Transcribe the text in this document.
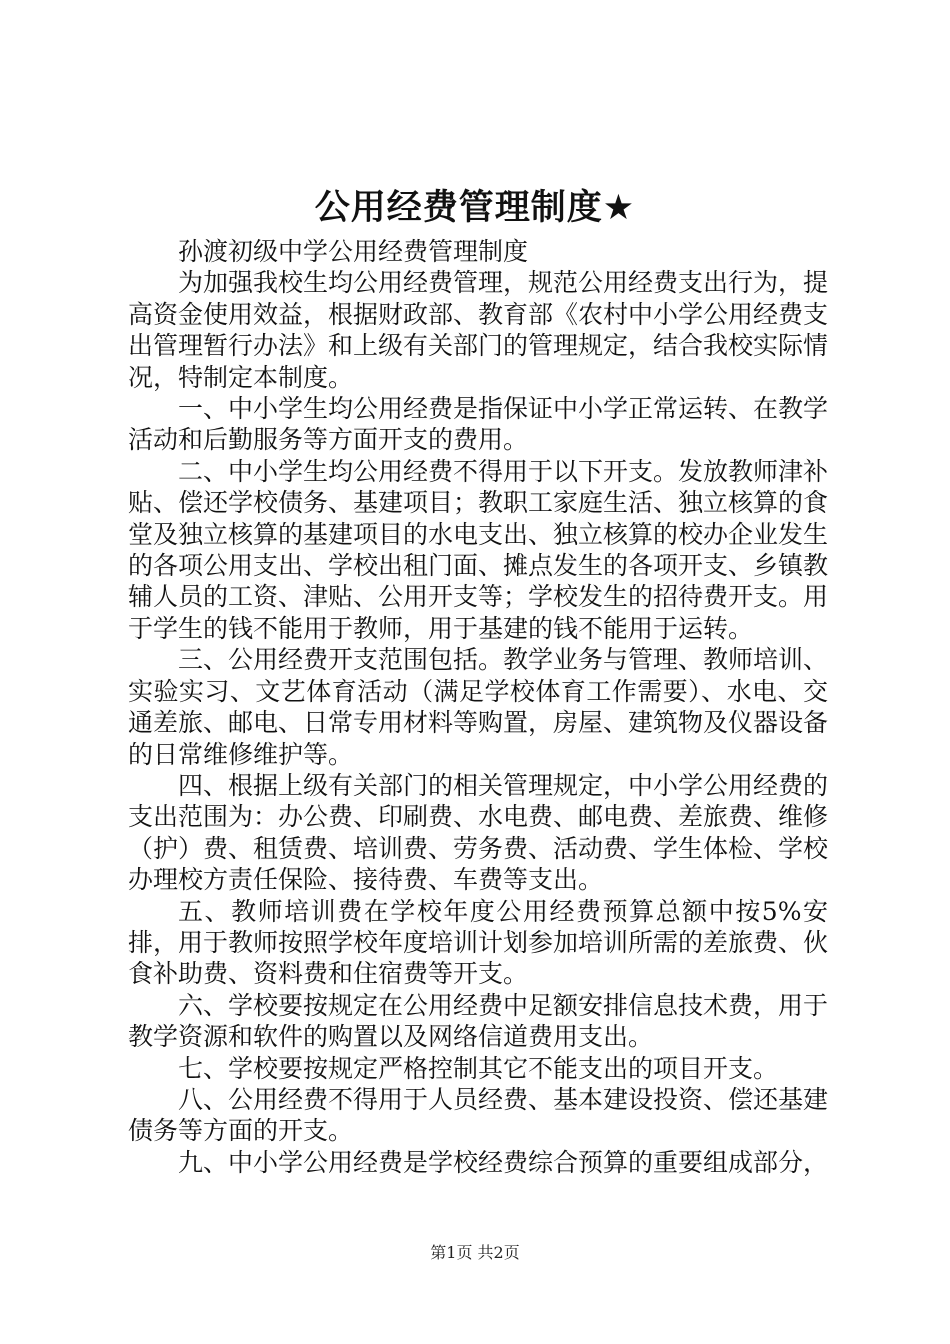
公用经费管理制度★

孙渡初级中学公用经费管理制度

为加强我校生均公用经费管理，规范公用经费支出行为，提高资金使用效益，根据财政部、教育部《农村中小学公用经费支出管理暂行办法》和上级有关部门的管理规定，结合我校实际情况，特制定本制度。

一、中小学生均公用经费是指保证中小学正常运转、在教学活动和后勤服务等方面开支的费用。

二、中小学生均公用经费不得用于以下开支。发放教师津补贴、偿还学校债务、基建项目；教职工家庭生活、独立核算的食堂及独立核算的基建项目的水电支出、独立核算的校办企业发生的各项公用支出、学校出租门面、摊点发生的各项开支、乡镇教辅人员的工资、津贴、公用开支等；学校发生的招待费开支。用于学生的钱不能用于教师，用于基建的钱不能用于运转。

三、公用经费开支范围包括。教学业务与管理、教师培训、实验实习、文艺体育活动（满足学校体育工作需要）、水电、交通差旅、邮电、日常专用材料等购置，房屋、建筑物及仪器设备的日常维修维护等。

四、根据上级有关部门的相关管理规定，中小学公用经费的支出范围为：办公费、印刷费、水电费、邮电费、差旅费、维修（护）费、租赁费、培训费、劳务费、活动费、学生体检、学校办理校方责任保险、接待费、车费等支出。

五、教师培训费在学校年度公用经费预算总额中按5%安排，用于教师按照学校年度培训计划参加培训所需的差旅费、伙食补助费、资料费和住宿费等开支。

六、学校要按规定在公用经费中足额安排信息技术费，用于教学资源和软件的购置以及网络信道费用支出。

七、学校要按规定严格控制其它不能支出的项目开支。

八、公用经费不得用于人员经费、基本建设投资、偿还基建债务等方面的开支。

九、中小学公用经费是学校经费综合预算的重要组成部分，

第1页 共2页
